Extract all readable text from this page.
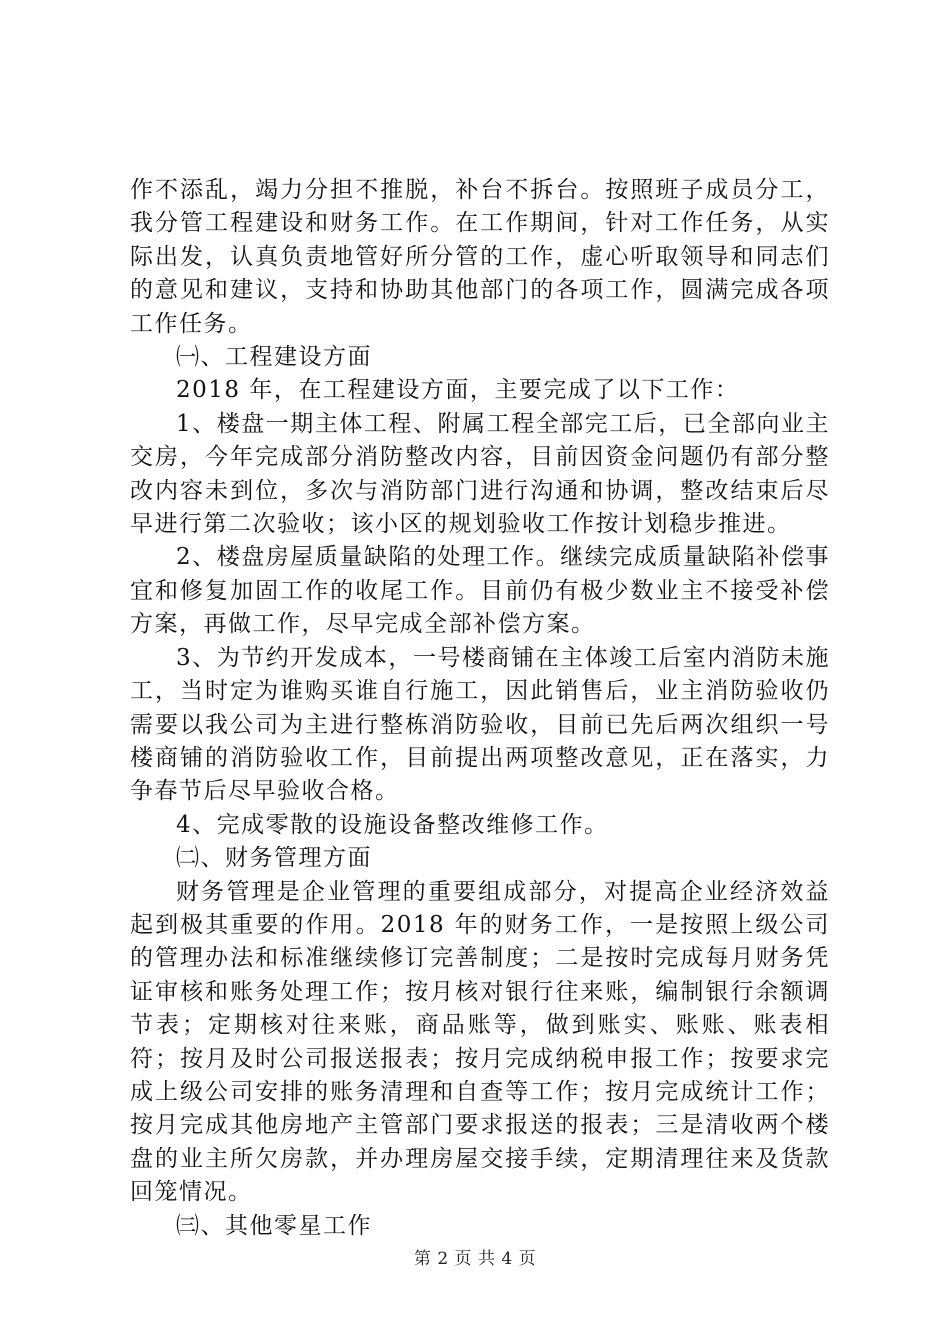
作不添乱，竭力分担不推脱，补台不拆台。按照班子成员分工，我分管工程建设和财务工作。在工作期间，针对工作任务，从实际出发，认真负责地管好所分管的工作，虚心听取领导和同志们的意见和建议，支持和协助其他部门的各项工作，圆满完成各项工作任务。

㈠、工程建设方面

2018 年，在工程建设方面，主要完成了以下工作：

1、楼盘一期主体工程、附属工程全部完工后，已全部向业主交房，今年完成部分消防整改内容，目前因资金问题仍有部分整改内容未到位，多次与消防部门进行沟通和协调，整改结束后尽早进行第二次验收；该小区的规划验收工作按计划稳步推进。

2、楼盘房屋质量缺陷的处理工作。继续完成质量缺陷补偿事宜和修复加固工作的收尾工作。目前仍有极少数业主不接受补偿方案，再做工作，尽早完成全部补偿方案。

3、为节约开发成本，一号楼商铺在主体竣工后室内消防未施工，当时定为谁购买谁自行施工，因此销售后，业主消防验收仍需要以我公司为主进行整栋消防验收，目前已先后两次组织一号楼商铺的消防验收工作，目前提出两项整改意见，正在落实，力争春节后尽早验收合格。

4、完成零散的设施设备整改维修工作。

㈡、财务管理方面

财务管理是企业管理的重要组成部分，对提高企业经济效益起到极其重要的作用。2018 年的财务工作，一是按照上级公司的管理办法和标准继续修订完善制度；二是按时完成每月财务凭证审核和账务处理工作；按月核对银行往来账，编制银行余额调节表；定期核对往来账，商品账等，做到账实、账账、账表相符；按月及时公司报送报表；按月完成纳税申报工作；按要求完成上级公司安排的账务清理和自查等工作；按月完成统计工作；按月完成其他房地产主管部门要求报送的报表；三是清收两个楼盘的业主所欠房款，并办理房屋交接手续，定期清理往来及货款回笼情况。

㈢、其他零星工作

第 2 页 共 4 页
